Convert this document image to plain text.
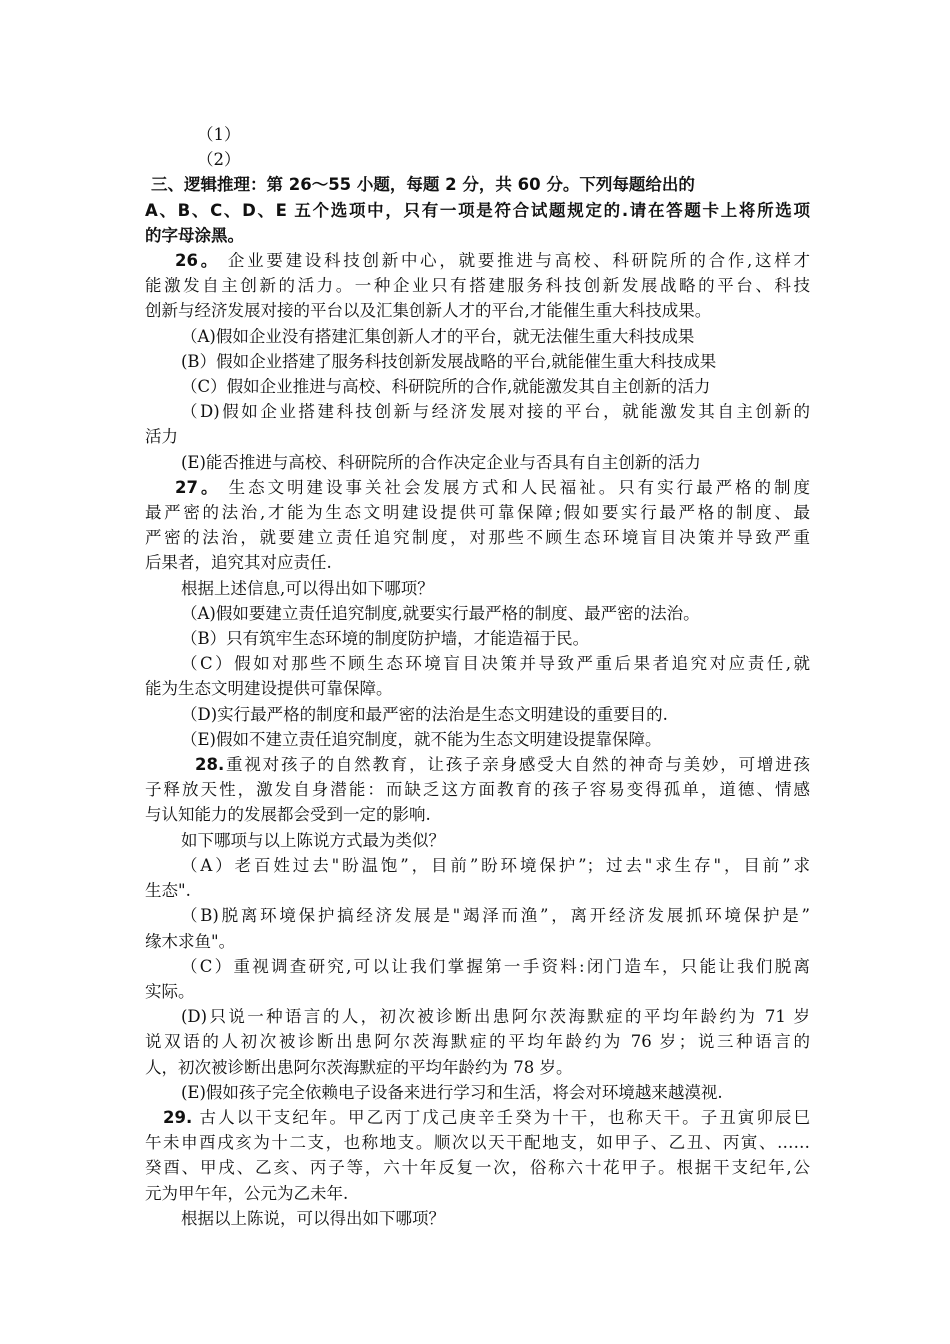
（1）
（2）
三、逻辑推理：第 26～55 小题，每题 2 分，共 60 分。下列每题给出的
A、B、C、D、E 五个选项中，只有一项是符合试题规定的.请在答题卡上将所选项
的字母涂黑。
26。 企业要建设科技创新中心，就要推进与高校、科研院所的合作,这样才
能激发自主创新的活力。一种企业只有搭建服务科技创新发展战略的平台、科技
创新与经济发展对接的平台以及汇集创新人才的平台,才能催生重大科技成果。
（A)假如企业没有搭建汇集创新人才的平台，就无法催生重大科技成果
(B）假如企业搭建了服务科技创新发展战略的平台,就能催生重大科技成果
（C）假如企业推进与高校、科研院所的合作,就能激发其自主创新的活力
（D)假如企业搭建科技创新与经济发展对接的平台，就能激发其自主创新的
活力
(E)能否推进与高校、科研院所的合作决定企业与否具有自主创新的活力
27。 生态文明建设事关社会发展方式和人民福祉。只有实行最严格的制度
最严密的法治,才能为生态文明建设提供可靠保障;假如要实行最严格的制度、最
严密的法治，就要建立责任追究制度，对那些不顾生态环境盲目决策并导致严重
后果者，追究其对应责任.
根据上述信息,可以得出如下哪项？
（A)假如要建立责任追究制度,就要实行最严格的制度、最严密的法治。
（B）只有筑牢生态环境的制度防护墙，才能造福于民。
（C）假如对那些不顾生态环境盲目决策并导致严重后果者追究对应责任,就
能为生态文明建设提供可靠保障。
（D)实行最严格的制度和最严密的法治是生态文明建设的重要目的.
（E)假如不建立责任追究制度，就不能为生态文明建设提靠保障。
28.重视对孩子的自然教育，让孩子亲身感受大自然的神奇与美妙，可增进孩
子释放天性，激发自身潜能：而缺乏这方面教育的孩子容易变得孤单，道德、情感
与认知能力的发展都会受到一定的影响.
如下哪项与以上陈说方式最为类似？
（A）老百姓过去"盼温饱”，目前”盼环境保护”；过去"求生存"，目前”求
生态".
（B)脱离环境保护搞经济发展是"竭泽而渔”，离开经济发展抓环境保护是”
缘木求鱼"。
（C）重视调查研究,可以让我们掌握第一手资料:闭门造车，只能让我们脱离
实际。
(D)只说一种语言的人，初次被诊断出患阿尔茨海默症的平均年龄约为 71 岁
说双语的人初次被诊断出患阿尔茨海默症的平均年龄约为 76 岁；说三种语言的
人，初次被诊断出患阿尔茨海默症的平均年龄约为 78 岁。
(E)假如孩子完全依赖电子设备来进行学习和生活，将会对环境越来越漠视.
29. 古人以干支纪年。甲乙丙丁戊己庚辛壬癸为十干，也称天干。子丑寅卯辰巳
午未申酉戌亥为十二支，也称地支。顺次以天干配地支，如甲子、乙丑、丙寅、……
癸酉、甲戌、乙亥、丙子等，六十年反复一次，俗称六十花甲子。根据干支纪年,公
元为甲午年，公元为乙未年.
根据以上陈说，可以得出如下哪项？
